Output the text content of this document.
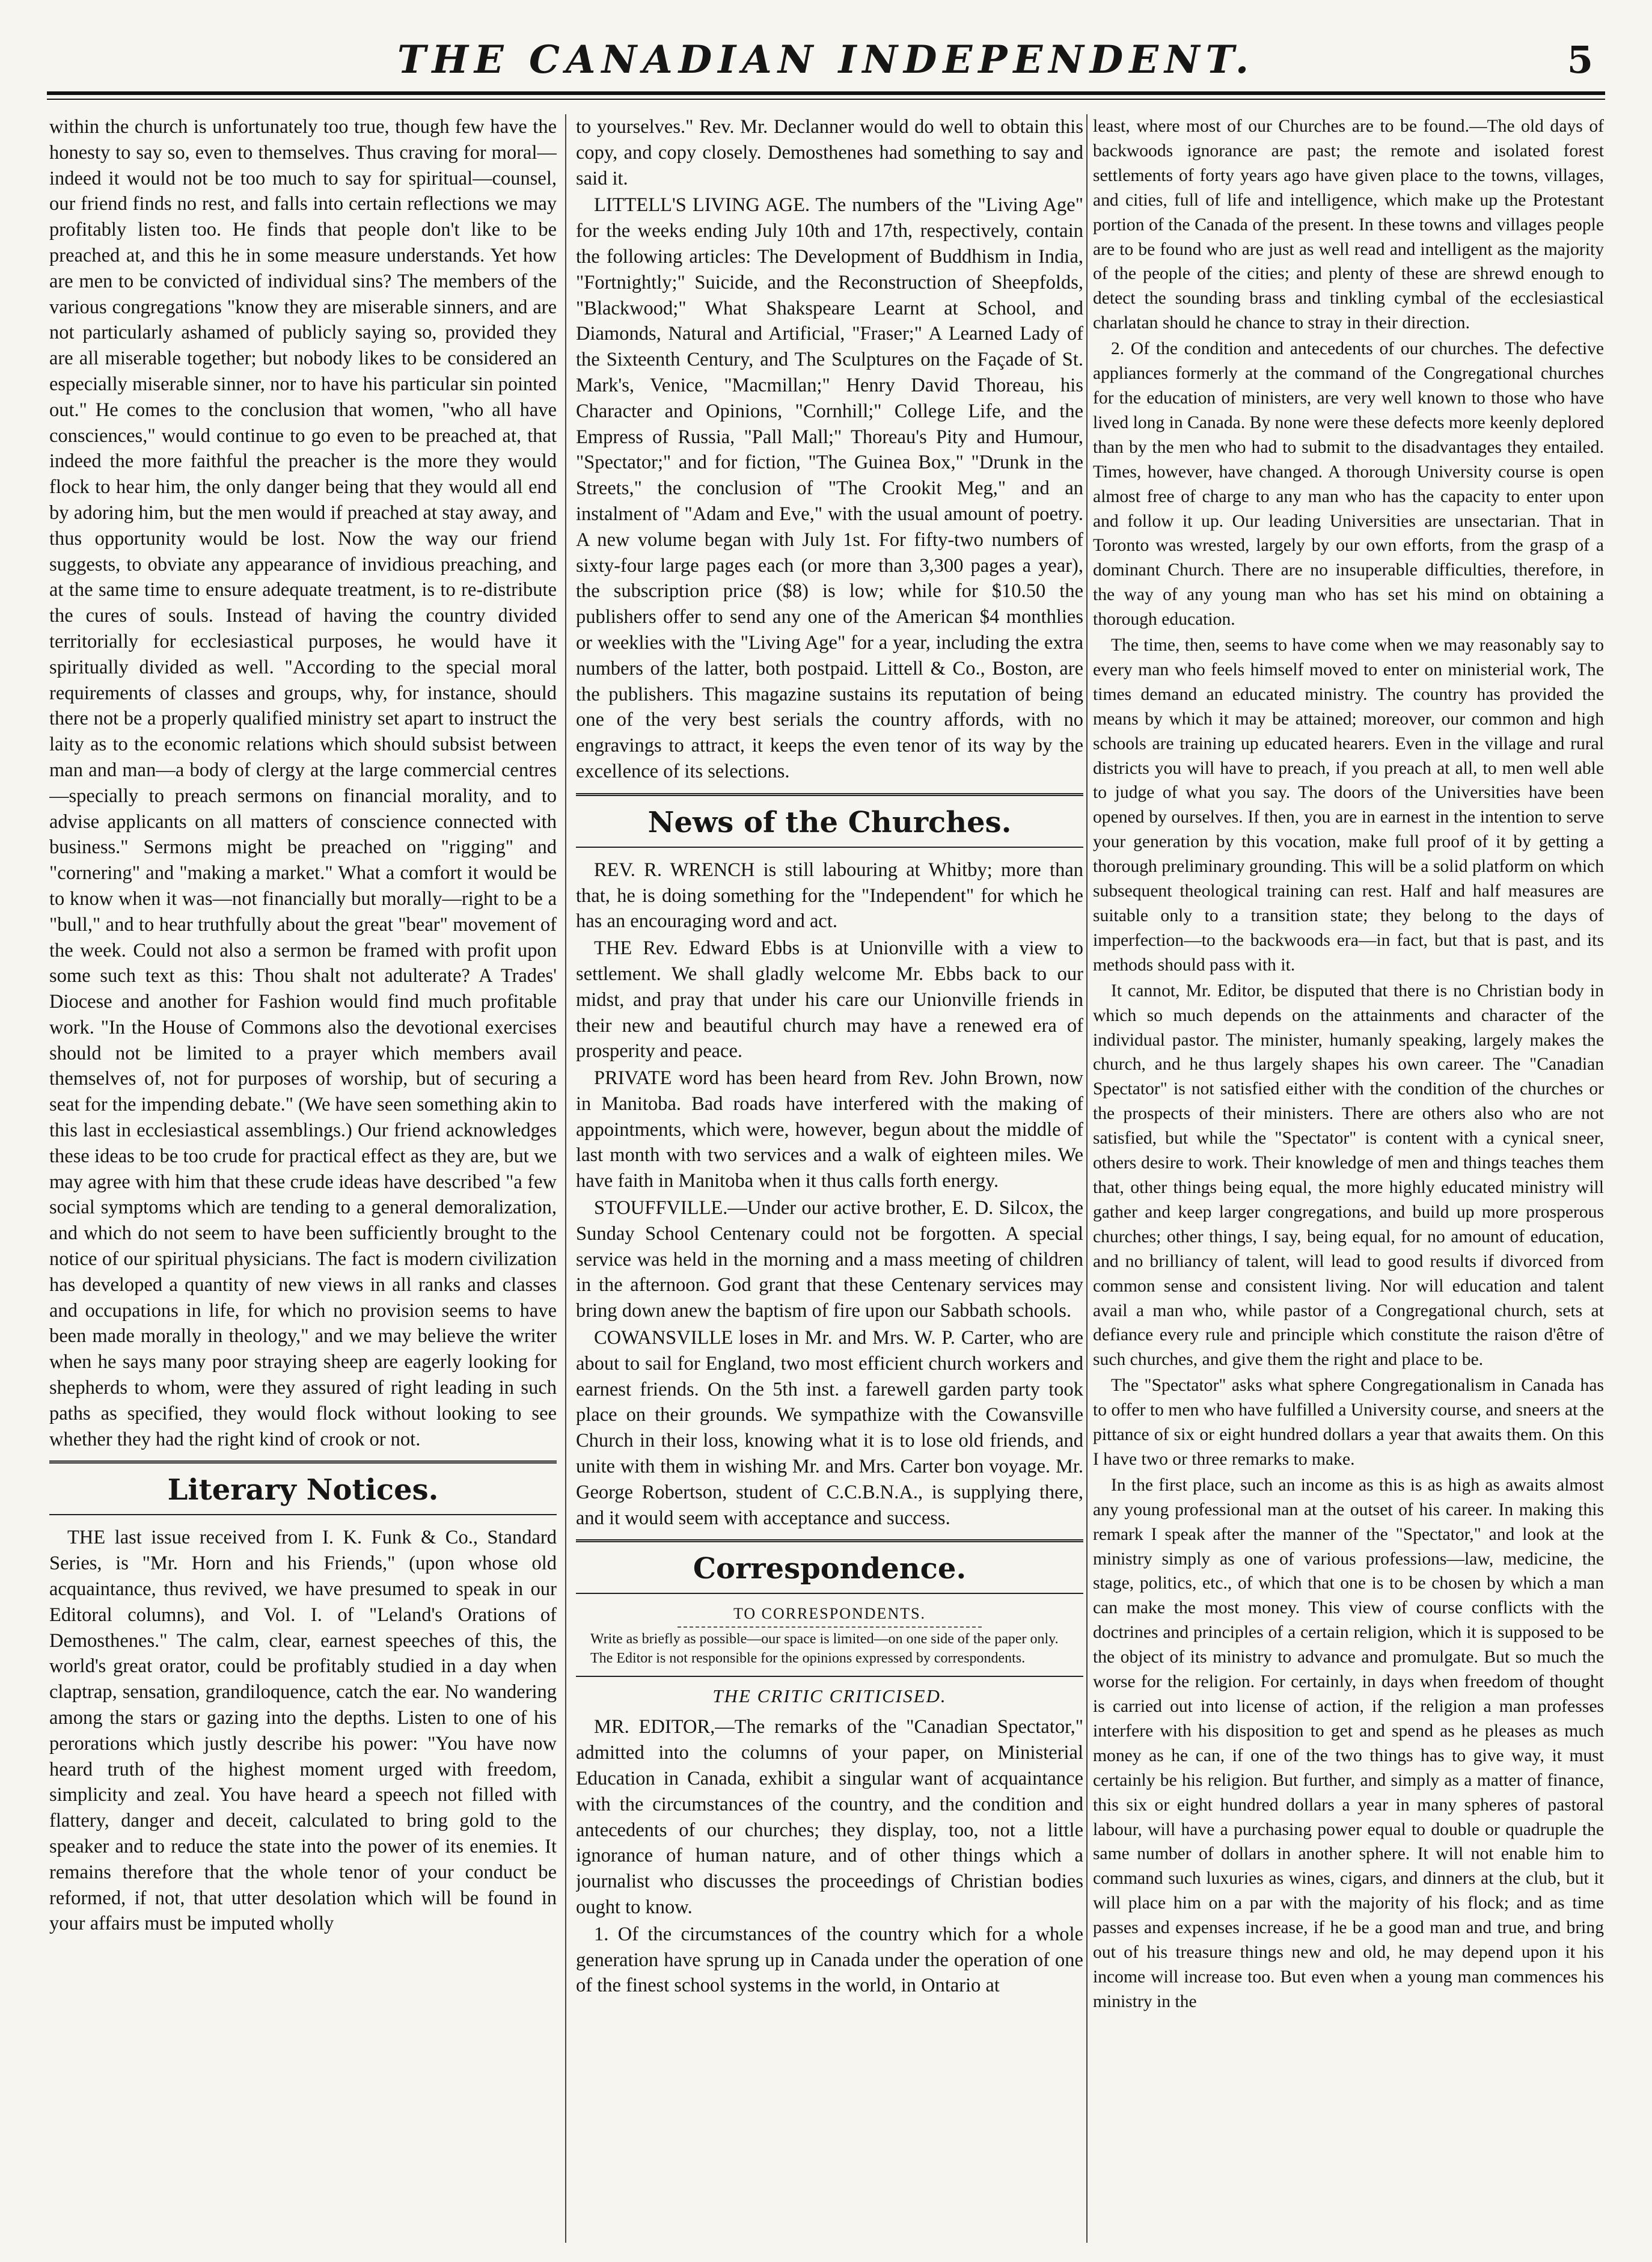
THE CANADIAN INDEPENDENT.	5

within the church is unfortunately too true, though few have the honesty to say so, even to themselves. Thus craving for moral—indeed it would not be too much to say for spiritual—counsel, our friend finds no rest, and falls into certain reflections we may profitably listen too. He finds that people don't like to be preached at, and this he in some measure understands. Yet how are men to be convicted of individual sins? The members of the various congregations "know they are miserable sinners, and are not particularly ashamed of publicly saying so, provided they are all miserable together; but nobody likes to be considered an especially miserable sinner, nor to have his particular sin pointed out." He comes to the conclusion that women, "who all have consciences," would continue to go even to be preached at, that indeed the more faithful the preacher is the more they would flock to hear him, the only danger being that they would all end by adoring him, but the men would if preached at stay away, and thus opportunity would be lost. Now the way our friend suggests, to obviate any appearance of invidious preaching, and at the same time to ensure adequate treatment, is to re-distribute the cures of souls. Instead of having the country divided territorially for ecclesiastical purposes, he would have it spiritually divided as well. "According to the special moral requirements of classes and groups, why, for instance, should there not be a properly qualified ministry set apart to instruct the laity as to the economic relations which should subsist between man and man—a body of clergy at the large commercial centres—specially to preach sermons on financial morality, and to advise applicants on all matters of conscience connected with business." Sermons might be preached on "rigging" and "cornering" and "making a market." What a comfort it would be to know when it was—not financially but morally—right to be a "bull," and to hear truthfully about the great "bear" movement of the week. Could not also a sermon be framed with profit upon some such text as this: Thou shalt not adulterate? A Trades' Diocese and another for Fashion would find much profitable work. "In the House of Commons also the devotional exercises should not be limited to a prayer which members avail themselves of, not for purposes of worship, but of securing a seat for the impending debate." (We have seen something akin to this last in ecclesiastical assemblings.) Our friend acknowledges these ideas to be too crude for practical effect as they are, but we may agree with him that these crude ideas have described "a few social symptoms which are tending to a general demoralization, and which do not seem to have been sufficiently brought to the notice of our spiritual physicians. The fact is modern civilization has developed a quantity of new views in all ranks and classes and occupations in life, for which no provision seems to have been made morally in theology," and we may believe the writer when he says many poor straying sheep are eagerly looking for shepherds to whom, were they assured of right leading in such paths as specified, they would flock without looking to see whether they had the right kind of crook or not.

Literary Notices.

THE last issue received from I. K. Funk & Co., Standard Series, is "Mr. Horn and his Friends," (upon whose old acquaintance, thus revived, we have presumed to speak in our Editoral columns), and Vol. I. of "Leland's Orations of Demosthenes." The calm, clear, earnest speeches of this, the world's great orator, could be profitably studied in a day when claptrap, sensation, grandiloquence, catch the ear. No wandering among the stars or gazing into the depths. Listen to one of his perorations which justly describe his power: "You have now heard truth of the highest moment urged with freedom, simplicity and zeal. You have heard a speech not filled with flattery, danger and deceit, calculated to bring gold to the speaker and to reduce the state into the power of its enemies. It remains therefore that the whole tenor of your conduct be reformed, if not, that utter desolation which will be found in your affairs must be imputed wholly

to yourselves." Rev. Mr. Declanner would do well to obtain this copy, and copy closely. Demosthenes had something to say and said it.

LITTELL'S LIVING AGE. The numbers of the "Living Age" for the weeks ending July 10th and 17th, respectively, contain the following articles: The Development of Buddhism in India, "Fortnightly;" Suicide, and the Reconstruction of Sheepfolds, "Blackwood;" What Shakspeare Learnt at School, and Diamonds, Natural and Artificial, "Fraser;" A Learned Lady of the Sixteenth Century, and The Sculptures on the Façade of St. Mark's, Venice, "Macmillan;" Henry David Thoreau, his Character and Opinions, "Cornhill;" College Life, and the Empress of Russia, "Pall Mall;" Thoreau's Pity and Humour, "Spectator;" and for fiction, "The Guinea Box," "Drunk in the Streets," the conclusion of "The Crookit Meg," and an instalment of "Adam and Eve," with the usual amount of poetry. A new volume began with July 1st. For fifty-two numbers of sixty-four large pages each (or more than 3,300 pages a year), the subscription price ($8) is low; while for $10.50 the publishers offer to send any one of the American $4 monthlies or weeklies with the "Living Age" for a year, including the extra numbers of the latter, both postpaid. Littell & Co., Boston, are the publishers. This magazine sustains its reputation of being one of the very best serials the country affords, with no engravings to attract, it keeps the even tenor of its way by the excellence of its selections.

News of the Churches.

REV. R. WRENCH is still labouring at Whitby; more than that, he is doing something for the "Independent" for which he has an encouraging word and act.

THE Rev. Edward Ebbs is at Unionville with a view to settlement. We shall gladly welcome Mr. Ebbs back to our midst, and pray that under his care our Unionville friends in their new and beautiful church may have a renewed era of prosperity and peace.

PRIVATE word has been heard from Rev. John Brown, now in Manitoba. Bad roads have interfered with the making of appointments, which were, however, begun about the middle of last month with two services and a walk of eighteen miles. We have faith in Manitoba when it thus calls forth energy.

STOUFFVILLE.—Under our active brother, E. D. Silcox, the Sunday School Centenary could not be forgotten. A special service was held in the morning and a mass meeting of children in the afternoon. God grant that these Centenary services may bring down anew the baptism of fire upon our Sabbath schools.

COWANSVILLE loses in Mr. and Mrs. W. P. Carter, who are about to sail for England, two most efficient church workers and earnest friends. On the 5th inst. a farewell garden party took place on their grounds. We sympathize with the Cowansville Church in their loss, knowing what it is to lose old friends, and unite with them in wishing Mr. and Mrs. Carter bon voyage. Mr. George Robertson, student of C.C.B.N.A., is supplying there, and it would seem with acceptance and success.

Correspondence.
TO CORRESPONDENTS.

Write as briefly as possible—our space is limited—on one side of the paper only.

The Editor is not responsible for the opinions expressed by correspondents.

THE CRITIC CRITICISED.

MR. EDITOR,—The remarks of the "Canadian Spectator," admitted into the columns of your paper, on Ministerial Education in Canada, exhibit a singular want of acquaintance with the circumstances of the country, and the condition and antecedents of our churches; they display, too, not a little ignorance of human nature, and of other things which a journalist who discusses the proceedings of Christian bodies ought to know.

1. Of the circumstances of the country which for a whole generation have sprung up in Canada under the operation of one of the finest school systems in the world, in Ontario at

least, where most of our Churches are to be found.—The old days of backwoods ignorance are past; the remote and isolated forest settlements of forty years ago have given place to the towns, villages, and cities, full of life and intelligence, which make up the Protestant portion of the Canada of the present. In these towns and villages people are to be found who are just as well read and intelligent as the majority of the people of the cities; and plenty of these are shrewd enough to detect the sounding brass and tinkling cymbal of the ecclesiastical charlatan should he chance to stray in their direction.

2. Of the condition and antecedents of our churches. The defective appliances formerly at the command of the Congregational churches for the education of ministers, are very well known to those who have lived long in Canada. By none were these defects more keenly deplored than by the men who had to submit to the disadvantages they entailed. Times, however, have changed. A thorough University course is open almost free of charge to any man who has the capacity to enter upon and follow it up. Our leading Universities are unsectarian. That in Toronto was wrested, largely by our own efforts, from the grasp of a dominant Church. There are no insuperable difficulties, therefore, in the way of any young man who has set his mind on obtaining a thorough education.

The time, then, seems to have come when we may reasonably say to every man who feels himself moved to enter on ministerial work, The times demand an educated ministry. The country has provided the means by which it may be attained; moreover, our common and high schools are training up educated hearers. Even in the village and rural districts you will have to preach, if you preach at all, to men well able to judge of what you say. The doors of the Universities have been opened by ourselves. If then, you are in earnest in the intention to serve your generation by this vocation, make full proof of it by getting a thorough preliminary grounding. This will be a solid platform on which subsequent theological training can rest. Half and half measures are suitable only to a transition state; they belong to the days of imperfection—to the backwoods era—in fact, but that is past, and its methods should pass with it.

It cannot, Mr. Editor, be disputed that there is no Christian body in which so much depends on the attainments and character of the individual pastor. The minister, humanly speaking, largely makes the church, and he thus largely shapes his own career. The "Canadian Spectator" is not satisfied either with the condition of the churches or the prospects of their ministers. There are others also who are not satisfied, but while the "Spectator" is content with a cynical sneer, others desire to work. Their knowledge of men and things teaches them that, other things being equal, the more highly educated ministry will gather and keep larger congregations, and build up more prosperous churches; other things, I say, being equal, for no amount of education, and no brilliancy of talent, will lead to good results if divorced from common sense and consistent living. Nor will education and talent avail a man who, while pastor of a Congregational church, sets at defiance every rule and principle which constitute the raison d'être of such churches, and give them the right and place to be.

The "Spectator" asks what sphere Congregationalism in Canada has to offer to men who have fulfilled a University course, and sneers at the pittance of six or eight hundred dollars a year that awaits them. On this I have two or three remarks to make.

In the first place, such an income as this is as high as awaits almost any young professional man at the outset of his career. In making this remark I speak after the manner of the "Spectator," and look at the ministry simply as one of various professions—law, medicine, the stage, politics, etc., of which that one is to be chosen by which a man can make the most money. This view of course conflicts with the doctrines and principles of a certain religion, which it is supposed to be the object of its ministry to advance and promulgate. But so much the worse for the religion. For certainly, in days when freedom of thought is carried out into license of action, if the religion a man professes interfere with his disposition to get and spend as he pleases as much money as he can, if one of the two things has to give way, it must certainly be his religion. But further, and simply as a matter of finance, this six or eight hundred dollars a year in many spheres of pastoral labour, will have a purchasing power equal to double or quadruple the same number of dollars in another sphere. It will not enable him to command such luxuries as wines, cigars, and dinners at the club, but it will place him on a par with the majority of his flock; and as time passes and expenses increase, if he be a good man and true, and bring out of his treasure things new and old, he may depend upon it his income will increase too. But even when a young man commences his ministry in the
